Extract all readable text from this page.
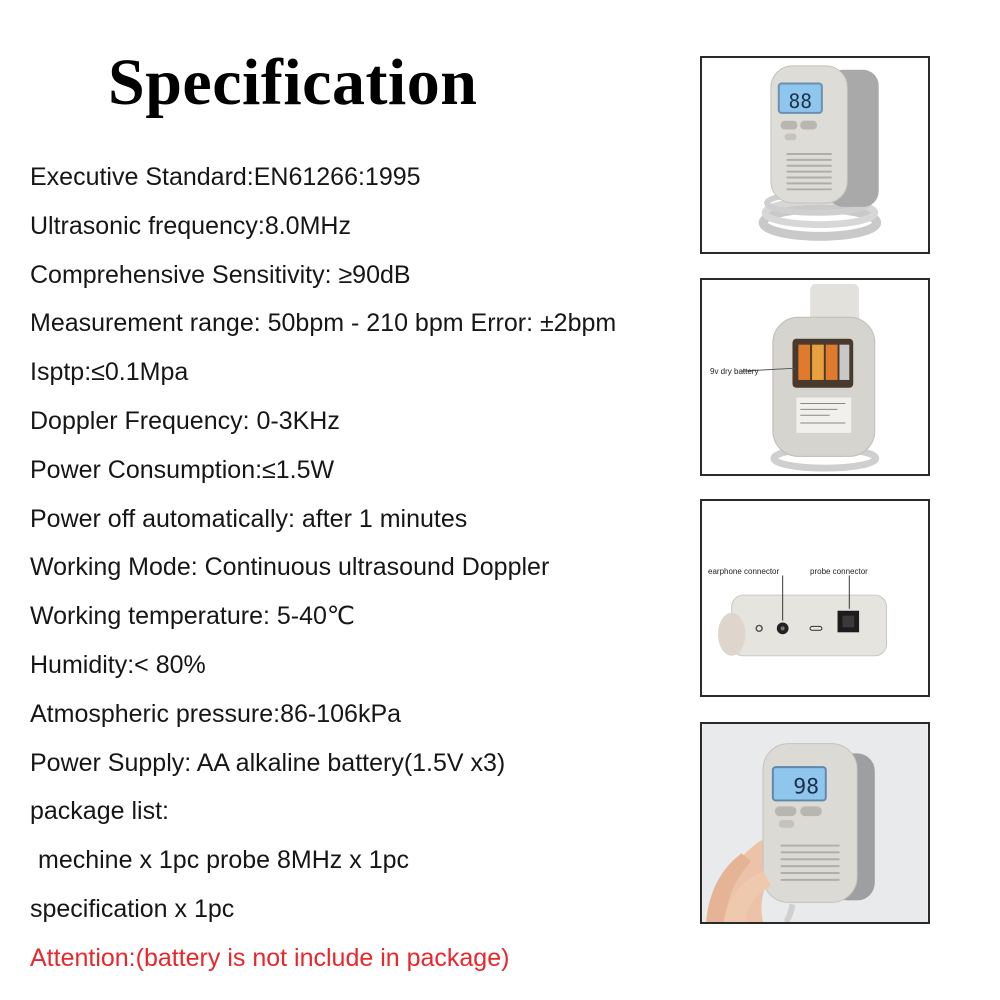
Specification
Executive Standard:EN61266:1995
Ultrasonic frequency:8.0MHz
Comprehensive Sensitivity: ≥90dB
Measurement range: 50bpm - 210 bpm Error: ±2bpm
Isptp:≤0.1Mpa
Doppler Frequency: 0-3KHz
Power Consumption:≤1.5W
Power off automatically: after 1 minutes
Working Mode: Continuous ultrasound Doppler
Working temperature: 5-40℃
Humidity:< 80%
Atmospheric pressure:86-106kPa
Power Supply: AA alkaline battery(1.5V x3)
package list:
mechine x 1pc probe 8MHz x 1pc
specification x 1pc
Attention:(battery is not include in package)
88
9v dry battery
earphone connector	probe connector
98
